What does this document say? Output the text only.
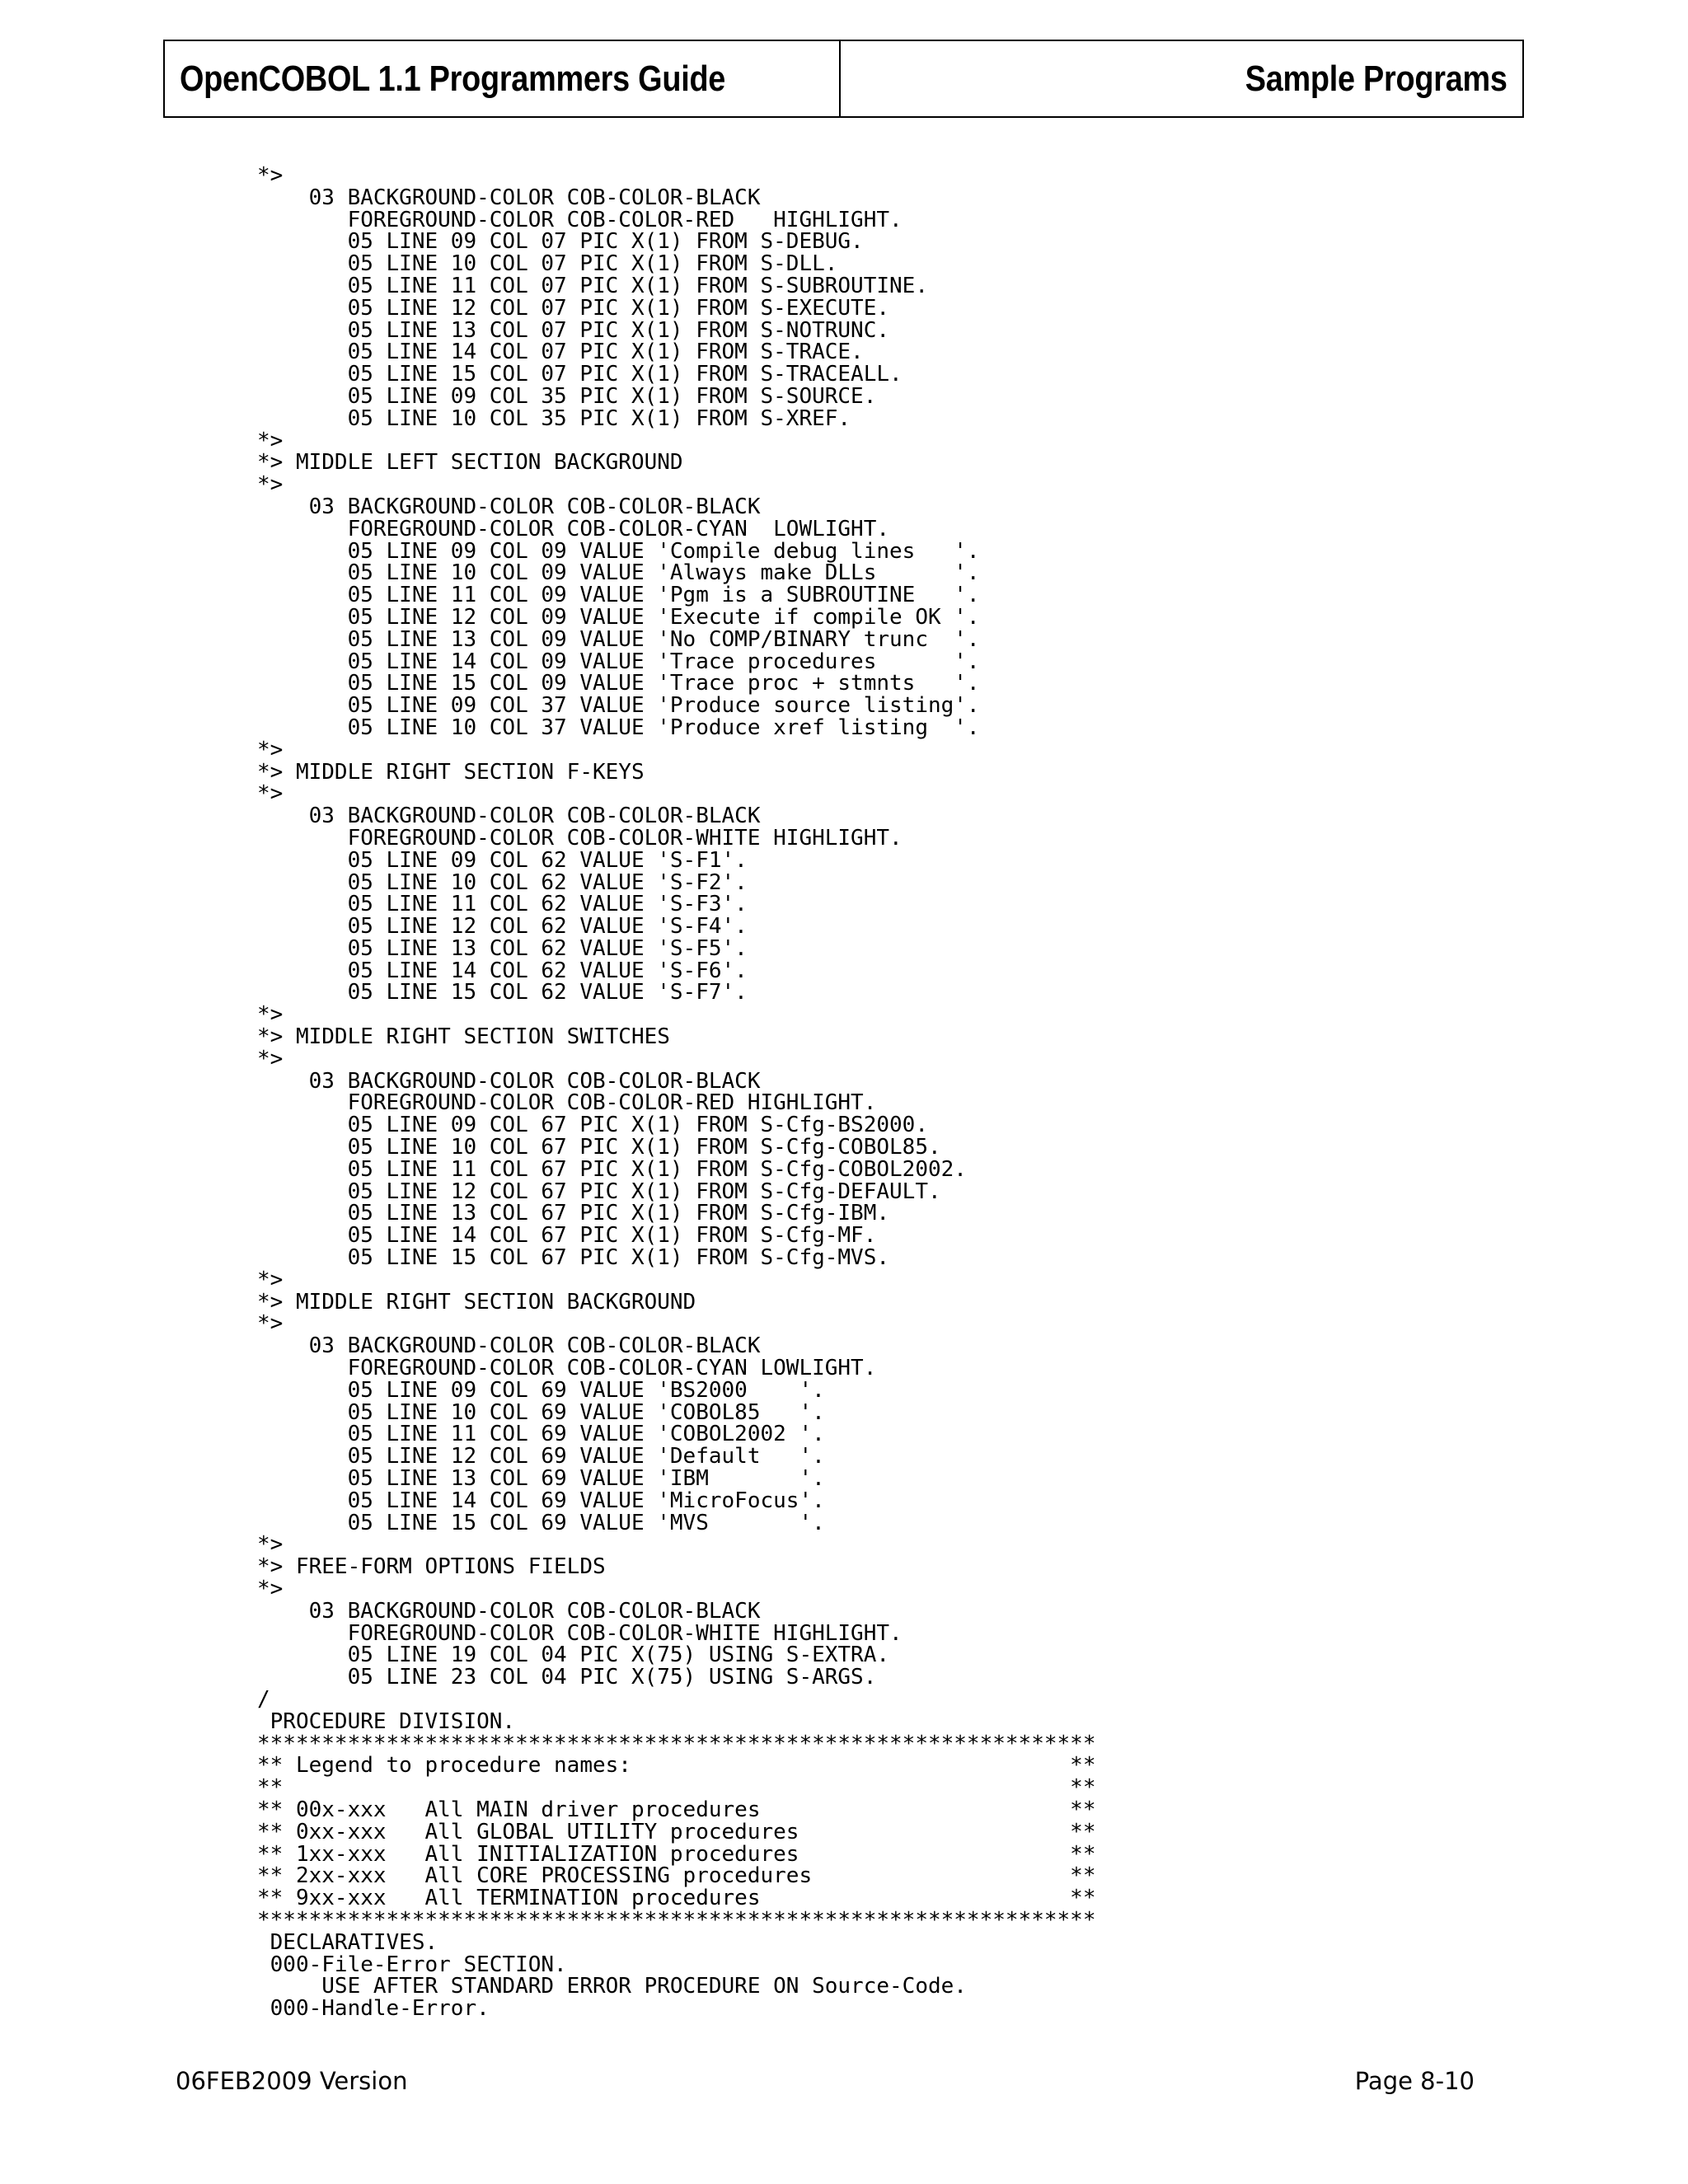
OpenCOBOL 1.1 Programmers Guide	Sample Programs
*>
03 BACKGROUND-COLOR COB-COLOR-BLACK
FOREGROUND-COLOR COB-COLOR-RED   HIGHLIGHT.
05 LINE 09 COL 07 PIC X(1) FROM S-DEBUG.
05 LINE 10 COL 07 PIC X(1) FROM S-DLL.
05 LINE 11 COL 07 PIC X(1) FROM S-SUBROUTINE.
05 LINE 12 COL 07 PIC X(1) FROM S-EXECUTE.
05 LINE 13 COL 07 PIC X(1) FROM S-NOTRUNC.
05 LINE 14 COL 07 PIC X(1) FROM S-TRACE.
05 LINE 15 COL 07 PIC X(1) FROM S-TRACEALL.
05 LINE 09 COL 35 PIC X(1) FROM S-SOURCE.
05 LINE 10 COL 35 PIC X(1) FROM S-XREF.
*>
*> MIDDLE LEFT SECTION BACKGROUND
*>
03 BACKGROUND-COLOR COB-COLOR-BLACK
FOREGROUND-COLOR COB-COLOR-CYAN  LOWLIGHT.
05 LINE 09 COL 09 VALUE 'Compile debug lines   '.
05 LINE 10 COL 09 VALUE 'Always make DLLs      '.
05 LINE 11 COL 09 VALUE 'Pgm is a SUBROUTINE   '.
05 LINE 12 COL 09 VALUE 'Execute if compile OK '.
05 LINE 13 COL 09 VALUE 'No COMP/BINARY trunc  '.
05 LINE 14 COL 09 VALUE 'Trace procedures      '.
05 LINE 15 COL 09 VALUE 'Trace proc + stmnts   '.
05 LINE 09 COL 37 VALUE 'Produce source listing'.
05 LINE 10 COL 37 VALUE 'Produce xref listing  '.
*>
*> MIDDLE RIGHT SECTION F-KEYS
*>
03 BACKGROUND-COLOR COB-COLOR-BLACK
FOREGROUND-COLOR COB-COLOR-WHITE HIGHLIGHT.
05 LINE 09 COL 62 VALUE 'S-F1'.
05 LINE 10 COL 62 VALUE 'S-F2'.
05 LINE 11 COL 62 VALUE 'S-F3'.
05 LINE 12 COL 62 VALUE 'S-F4'.
05 LINE 13 COL 62 VALUE 'S-F5'.
05 LINE 14 COL 62 VALUE 'S-F6'.
05 LINE 15 COL 62 VALUE 'S-F7'.
*>
*> MIDDLE RIGHT SECTION SWITCHES
*>
03 BACKGROUND-COLOR COB-COLOR-BLACK
FOREGROUND-COLOR COB-COLOR-RED HIGHLIGHT.
05 LINE 09 COL 67 PIC X(1) FROM S-Cfg-BS2000.
05 LINE 10 COL 67 PIC X(1) FROM S-Cfg-COBOL85.
05 LINE 11 COL 67 PIC X(1) FROM S-Cfg-COBOL2002.
05 LINE 12 COL 67 PIC X(1) FROM S-Cfg-DEFAULT.
05 LINE 13 COL 67 PIC X(1) FROM S-Cfg-IBM.
05 LINE 14 COL 67 PIC X(1) FROM S-Cfg-MF.
05 LINE 15 COL 67 PIC X(1) FROM S-Cfg-MVS.
*>
*> MIDDLE RIGHT SECTION BACKGROUND
*>
03 BACKGROUND-COLOR COB-COLOR-BLACK
FOREGROUND-COLOR COB-COLOR-CYAN LOWLIGHT.
05 LINE 09 COL 69 VALUE 'BS2000    '.
05 LINE 10 COL 69 VALUE 'COBOL85   '.
05 LINE 11 COL 69 VALUE 'COBOL2002 '.
05 LINE 12 COL 69 VALUE 'Default   '.
05 LINE 13 COL 69 VALUE 'IBM       '.
05 LINE 14 COL 69 VALUE 'MicroFocus'.
05 LINE 15 COL 69 VALUE 'MVS       '.
*>
*> FREE-FORM OPTIONS FIELDS
*>
03 BACKGROUND-COLOR COB-COLOR-BLACK
FOREGROUND-COLOR COB-COLOR-WHITE HIGHLIGHT.
05 LINE 19 COL 04 PIC X(75) USING S-EXTRA.
05 LINE 23 COL 04 PIC X(75) USING S-ARGS.
/
PROCEDURE DIVISION.
*****************************************************************
** Legend to procedure names:                                  **
**                                                             **
** 00x-xxx   All MAIN driver procedures                        **
** 0xx-xxx   All GLOBAL UTILITY procedures                     **
** 1xx-xxx   All INITIALIZATION procedures                     **
** 2xx-xxx   All CORE PROCESSING procedures                    **
** 9xx-xxx   All TERMINATION procedures                        **
*****************************************************************
DECLARATIVES.
000-File-Error SECTION.
USE AFTER STANDARD ERROR PROCEDURE ON Source-Code.
000-Handle-Error.
06FEB2009 Version	Page 8-10
